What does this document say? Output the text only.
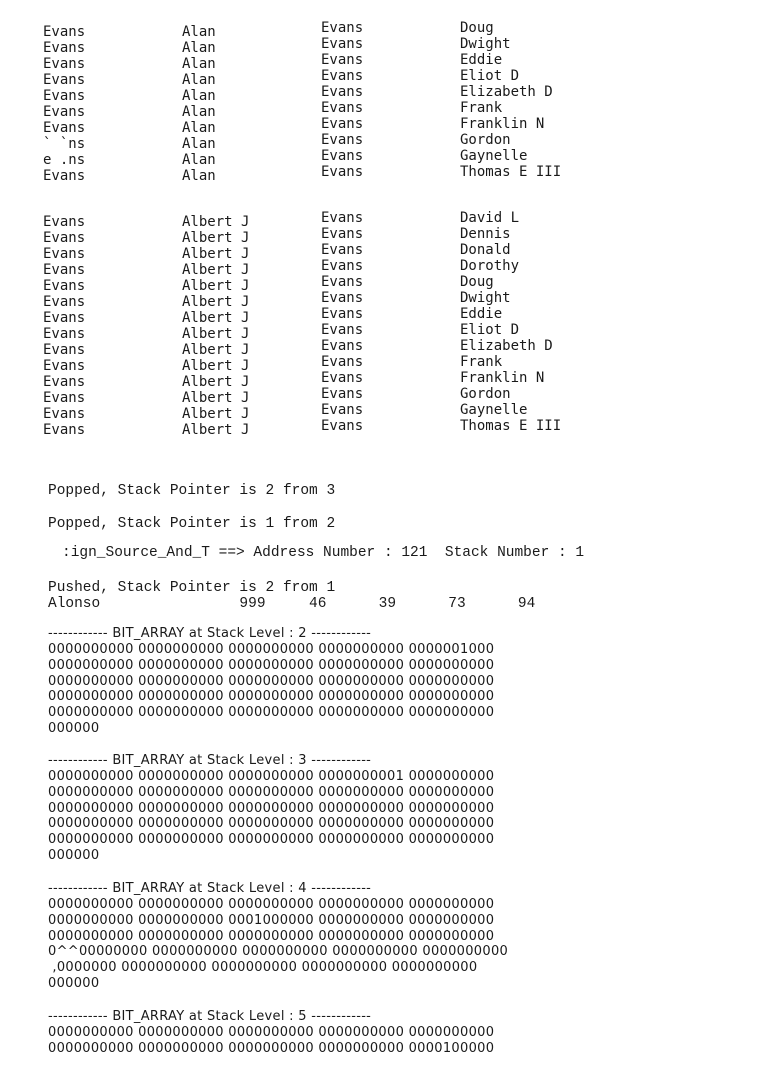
Evans	Alan	Evans	Doug
Evans	Alan	Evans	Dwight
Evans	Alan	Evans	Eddie
Evans	Alan	Evans	Eliot D
Evans	Alan	Evans	Elizabeth D
Evans	Alan	Evans	Frank
Evans	Alan	Evans	Franklin N
` `ns	Alan	Evans	Gordon
e .ns	Alan	Evans	Gaynelle
Evans	Alan	Evans	Thomas E III
Evans	Albert J	Evans	David L
Evans	Albert J	Evans	Dennis
Evans	Albert J	Evans	Donald
Evans	Albert J	Evans	Dorothy
Evans	Albert J	Evans	Doug
Evans	Albert J	Evans	Dwight
Evans	Albert J	Evans	Eddie
Evans	Albert J	Evans	Eliot D
Evans	Albert J	Evans	Elizabeth D
Evans	Albert J	Evans	Frank
Evans	Albert J	Evans	Franklin N
Evans	Albert J	Evans	Gordon
Evans	Albert J	Evans	Gaynelle
Evans	Albert J	Evans	Thomas E III
Popped, Stack Pointer is 2 from 3
Popped, Stack Pointer is 1 from 2
:ign_Source_And_T ==> Address Number : 121  Stack Number : 1
Pushed, Stack Pointer is 2 from 1
Alonso                999     46      39      73      94
------------ BIT_ARRAY at Stack Level : 2 ------------
0000000000 0000000000 0000000000 0000000000 0000001000
0000000000 0000000000 0000000000 0000000000 0000000000
0000000000 0000000000 0000000000 0000000000 0000000000
0000000000 0000000000 0000000000 0000000000 0000000000
0000000000 0000000000 0000000000 0000000000 0000000000
000000
------------ BIT_ARRAY at Stack Level : 3 ------------
0000000000 0000000000 0000000000 0000000001 0000000000
0000000000 0000000000 0000000000 0000000000 0000000000
0000000000 0000000000 0000000000 0000000000 0000000000
0000000000 0000000000 0000000000 0000000000 0000000000
0000000000 0000000000 0000000000 0000000000 0000000000
000000
------------ BIT_ARRAY at Stack Level : 4 ------------
0000000000 0000000000 0000000000 0000000000 0000000000
0000000000 0000000000 0001000000 0000000000 0000000000
0000000000 0000000000 0000000000 0000000000 0000000000
0^^00000000 0000000000 0000000000 0000000000 0000000000
,0000000 0000000000 0000000000 0000000000 0000000000
000000
------------ BIT_ARRAY at Stack Level : 5 ------------
0000000000 0000000000 0000000000 0000000000 0000000000
0000000000 0000000000 0000000000 0000000000 0000100000
